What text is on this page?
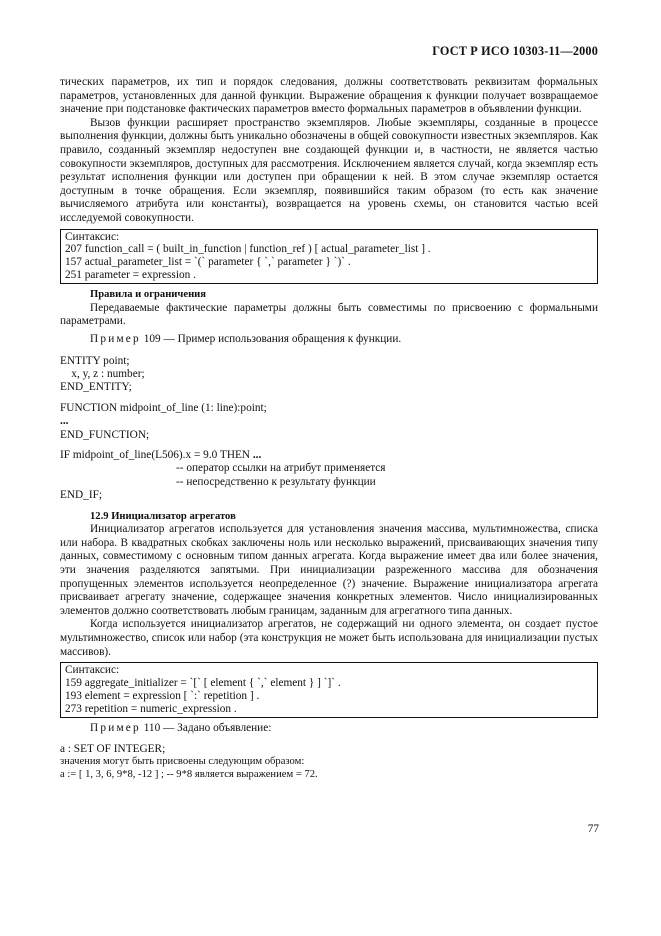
ГОСТ Р ИСО 10303-11—2000

тических параметров, их тип и порядок следования, должны соответствовать реквизитам формальных параметров, установленных для данной функции. Выражение обращения к функции получает возвращаемое значение при подстановке фактических параметров вместо формальных параметров в объявлении функции.

Вызов функции расширяет пространство экземпляров. Любые экземпляры, созданные в процессе выполнения функции, должны быть уникально обозначены в общей совокупности известных экземпляров. Как правило, созданный экземпляр недоступен вне создающей функции и, в частности, не является частью совокупности экземпляров, доступных для рассмотрения. Исключением является случай, когда экземпляр есть результат исполнения функции или доступен при обращении к ней. В этом случае экземпляр остается доступным в точке обращения. Если экземпляр, появившийся таким образом (то есть как значение вычисляемого атрибута или константы), возвращается на уровень схемы, он становится частью всей исследуемой совокупности.

Синтаксис:
207 function_call = ( built_in_function | function_ref ) [ actual_parameter_list ] .
157 actual_parameter_list = `(` parameter { `,` parameter } `)` .
251 parameter = expression .
Правила и ограничения

Передаваемые фактические параметры должны быть совместимы по присвоению с формальными параметрами.

Пример 109 — Пример использования обращения к функции.
ENTITY point;
x, y, z : number;
END_ENTITY;
FUNCTION midpoint_of_line (1: line):point;
...
END_FUNCTION;
IF midpoint_of_line(L506).x = 9.0 THEN ...
-- оператор ссылки на атрибут применяется
-- непосредственно к результату функции
END_IF;
12.9 Инициализатор агрегатов

Инициализатор агрегатов используется для установления значения массива, мультимножества, списка или набора. В квадратных скобках заключены ноль или несколько выражений, присваивающих значения типу данных, совместимому с основным типом данных агрегата. Когда выражение имеет два или более значения, эти значения разделяются запятыми. При инициализации разреженного массива для обозначения пропущенных элементов используется неопределенное (?) значение. Выражение инициализатора агрегата присваивает агрегату значение, содержащее значения конкретных элементов. Число инициализированных элементов должно соответствовать любым границам, заданным для агрегатного типа данных.

Когда используется инициализатор агрегатов, не содержащий ни одного элемента, он создает пустое мультимножество, список или набор (эта конструкция не может быть использована для инициализации пустых массивов).

Синтаксис:
159 aggregate_initializer = `[` [ element { `,` element } ] `]` .
193 element = expression [ `:` repetition ] .
273 repetition = numeric_expression .
Пример 110 — Задано объявление:
a : SET OF INTEGER;
значения могут быть присвоены следующим образом:
a := [ 1, 3, 6, 9*8, -12 ] ; -- 9*8 является выражением = 72.
77
